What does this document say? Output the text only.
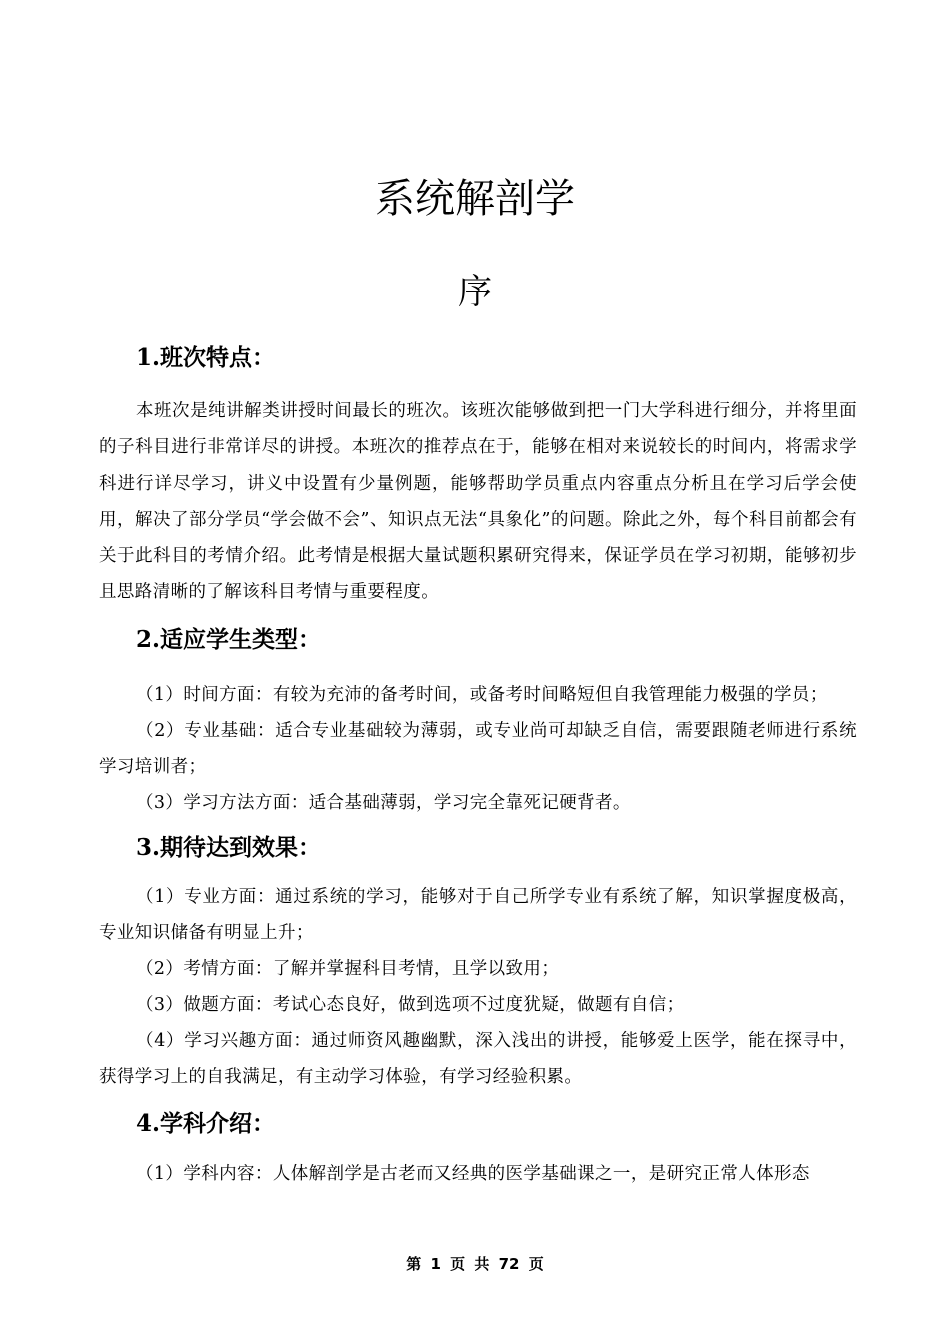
系统解剖学
序
1.班次特点：

本班次是纯讲解类讲授时间最长的班次。该班次能够做到把一门大学科进行细分，并将里面的子科目进行非常详尽的讲授。本班次的推荐点在于，能够在相对来说较长的时间内，将需求学科进行详尽学习，讲义中设置有少量例题，能够帮助学员重点内容重点分析且在学习后学会使用，解决了部分学员“学会做不会”、知识点无法“具象化”的问题。除此之外，每个科目前都会有关于此科目的考情介绍。此考情是根据大量试题积累研究得来，保证学员在学习初期，能够初步且思路清晰的了解该科目考情与重要程度。

2.适应学生类型：

（1）时间方面：有较为充沛的备考时间，或备考时间略短但自我管理能力极强的学员；

（2）专业基础：适合专业基础较为薄弱，或专业尚可却缺乏自信，需要跟随老师进行系统学习培训者；

（3）学习方法方面：适合基础薄弱，学习完全靠死记硬背者。

3.期待达到效果：

（1）专业方面：通过系统的学习，能够对于自己所学专业有系统了解，知识掌握度极高，专业知识储备有明显上升；

（2）考情方面：了解并掌握科目考情，且学以致用；

（3）做题方面：考试心态良好，做到选项不过度犹疑，做题有自信；

（4）学习兴趣方面：通过师资风趣幽默，深入浅出的讲授，能够爱上医学，能在探寻中，获得学习上的自我满足，有主动学习体验，有学习经验积累。

4.学科介绍：

（1）学科内容：人体解剖学是古老而又经典的医学基础课之一，是研究正常人体形态

第 1 页 共 72 页
